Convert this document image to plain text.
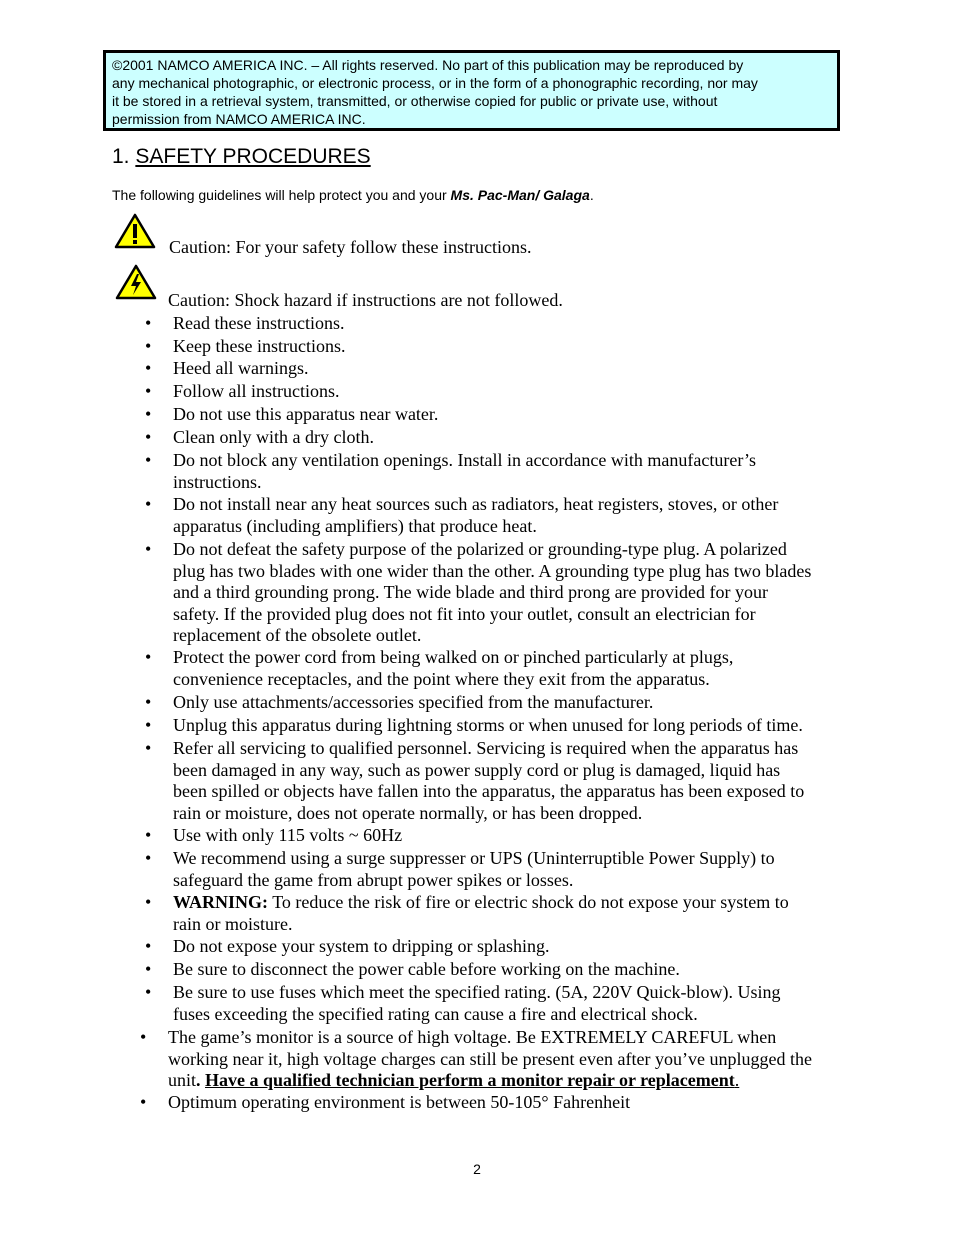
©2001 NAMCO AMERICA INC. – All rights reserved. No part of this publication may be reproduced by
any mechanical photographic, or electronic process, or in the form of a phonographic recording, nor may
it be stored in a retrieval system, transmitted, or otherwise copied for public or private use, without
permission from NAMCO AMERICA INC.
1. SAFETY PROCEDURES
The following guidelines will help protect you and your Ms. Pac-Man/ Galaga.
Caution: For your safety follow these instructions.
Caution: Shock hazard if instructions are not followed.
• Read these instructions.
• Keep these instructions.
• Heed all warnings.
• Follow all instructions.
• Do not use this apparatus near water.
• Clean only with a dry cloth.
• Do not block any ventilation openings. Install in accordance with manufacturer’s
instructions.
• Do not install near any heat sources such as radiators, heat registers, stoves, or other
apparatus (including amplifiers) that produce heat.
• Do not defeat the safety purpose of the polarized or grounding-type plug. A polarized
plug has two blades with one wider than the other. A grounding type plug has two blades
and a third grounding prong. The wide blade and third prong are provided for your
safety. If the provided plug does not fit into your outlet, consult an electrician for
replacement of the obsolete outlet.
• Protect the power cord from being walked on or pinched particularly at plugs,
convenience receptacles, and the point where they exit from the apparatus.
• Only use attachments/accessories specified from the manufacturer.
• Unplug this apparatus during lightning storms or when unused for long periods of time.
• Refer all servicing to qualified personnel. Servicing is required when the apparatus has
been damaged in any way, such as power supply cord or plug is damaged, liquid has
been spilled or objects have fallen into the apparatus, the apparatus has been exposed to
rain or moisture, does not operate normally, or has been dropped.
• Use with only 115 volts ~ 60Hz
• We recommend using a surge suppresser or UPS (Uninterruptible Power Supply) to
safeguard the game from abrupt power spikes or losses.
• WARNING: To reduce the risk of fire or electric shock do not expose your system to
rain or moisture.
• Do not expose your system to dripping or splashing.
• Be sure to disconnect the power cable before working on the machine.
• Be sure to use fuses which meet the specified rating. (5A, 220V Quick-blow). Using
fuses exceeding the specified rating can cause a fire and electrical shock.
• The game’s monitor is a source of high voltage. Be EXTREMELY CAREFUL when
working near it, high voltage charges can still be present even after you’ve unplugged the
unit. Have a qualified technician perform a monitor repair or replacement.
• Optimum operating environment is between 50-105° Fahrenheit
2
